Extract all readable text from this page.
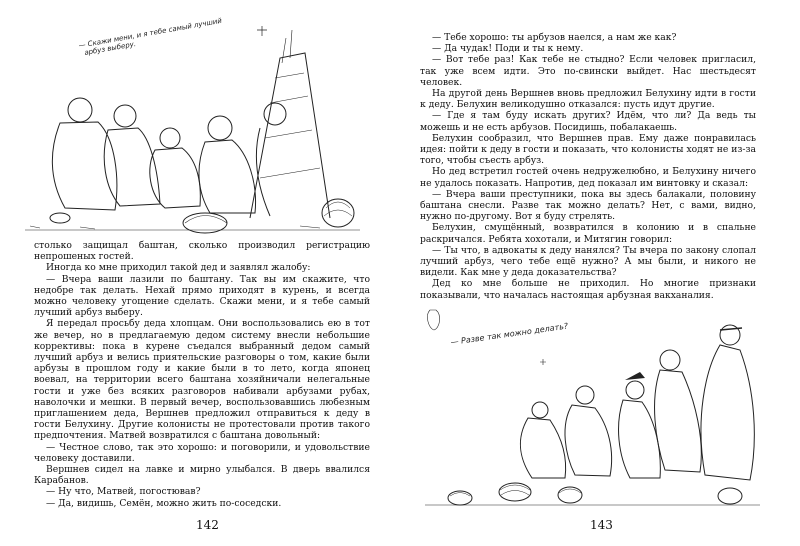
— Скажи мени, и я тебе самый лучший
арбуз выберу.

столько защищал баштан, сколько производил регистрацию непрошеных гостей.

Иногда ко мне приходил такой дед и заявлял жалобу:

— Вчера ваши лазили по баштану. Так вы им скажите, что недобре так делать. Нехай прямо приходят в курень, и всегда можно человеку угощение сделать. Скажи мени, и я тебе самый лучший арбуз выберу.

Я передал просьбу деда хлопцам. Они воспользовались ею в тот же вечер, но в предлагаемую дедом систему внесли небольшие коррективы: пока в курене съедался выбранный дедом самый лучший арбуз и велись приятельские разговоры о том, какие были арбузы в прошлом году и какие были в то лето, когда японец воевал, на территории всего баштана хозяйничали нелегальные гости и уже без всяких разговоров набивали арбузами рубах, наволочки и мешки. В первый вечер, воспользовавшись любезным приглашением деда, Вершнев предложил отправиться к деду в гости Белухину. Другие колонисты не протестовали против такого предпочтения. Матвей возвратился с баштана довольный:

— Честное слово, так это хорошо: и поговорили, и удовольствие человеку доставили.

Вершнев сидел на лавке и мирно улыбался. В дверь ввалился Карабанов.

— Ну что, Матвей, погостював?

— Да, видишь, Семён, можно жить по-соседски.

142

— Тебе хорошо: ты арбузов наелся, а нам же как?

— Да чудак! Поди и ты к нему.

— Вот тебе раз! Как тебе не стыдно? Если человек пригласил, так уже всем идти. Это по-свински выйдет. Нас шестьдесят человек.

На другой день Вершнев вновь предложил Белухину идти в гости к деду. Белухин великодушно отказался: пусть идут другие.

— Где я там буду искать других? Идём, что ли? Да ведь ты можешь и не есть арбузов. Посидишь, побалакаешь.

Белухин сообразил, что Вершнев прав. Ему даже понравилась идея: пойти к деду в гости и показать, что колонисты ходят не из-за того, чтобы съесть арбуз.

Но дед встретил гостей очень недружелюбно, и Белухину ничего не удалось показать. Напротив, дед показал им винтовку и сказал:

— Вчера ваши преступники, пока вы здесь балакали, половину баштана снесли. Разве так можно делать? Нет, с вами, видно, нужно по-другому. Вот я буду стрелять.

Белухин, смущённый, возвратился в колонию и в спальне раскричался. Ребята хохотали, и Митягин говорил:

— Ты что, в адвокаты к деду нанялся? Ты вчера по закону слопал лучший арбуз, чего тебе ещё нужно? А мы были, и никого не видели. Как мне у деда доказательства?

Дед ко мне больше не приходил. Но многие признаки показывали, что началась настоящая арбузная вакханалия.

— Разве так можно делать?
143
